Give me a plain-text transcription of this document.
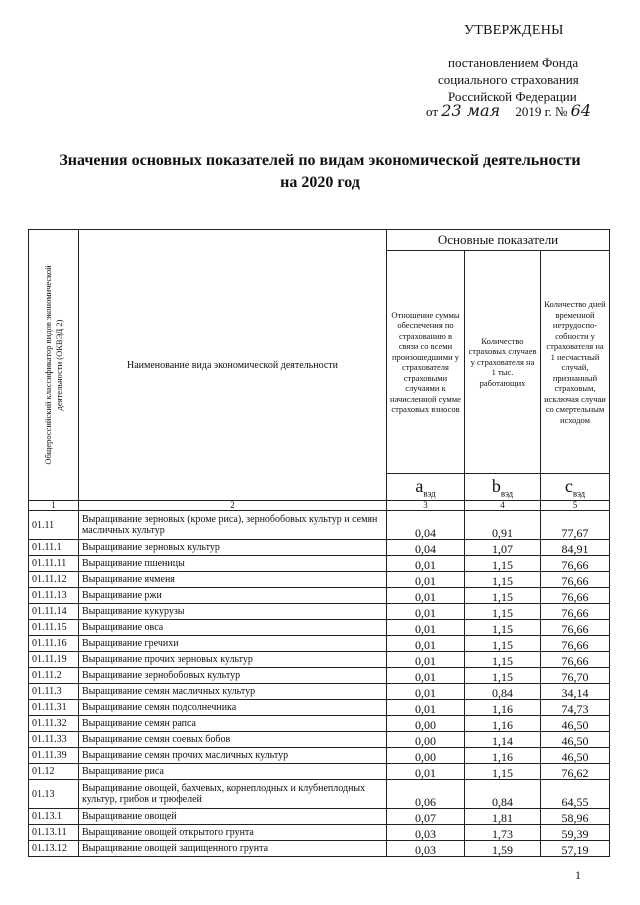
УТВЕРЖДЕНЫ
постановлением Фонда
социального страхования
Российской Федерации
от 23 мая 2019 г. № 64
Значения основных показателей по видам экономической деятельности
на 2020 год
Общероссийский классификатор видов экономической деятельности (ОКВЭД 2)	Наименование вида экономической деятельности	Основные показатели		
		Отношение суммы обеспечения по страхованию в связи со всеми произошедшими у страхователя страховыми случаями к начисленной сумме страховых взносов	Количество страховых случаев у страхователя на 1 тыс. работающих	Количество дней временной нетрудоспо-собности у страхователя на 1 несчастный случай, признанный страховым, исключая случаи со смертельным исходом
		$a_{вэд}$	$b_{вэд}$	$c_{вэд}$
1	2	3	4	5
01.11	Выращивание зерновых (кроме риса), зернобобовых культур и семян масличных культур	0,04	0,91	77,67
01.11.1	Выращивание зерновых культур	0,04	1,07	84,91
01.11.11	Выращивание пшеницы	0,01	1,15	76,66
01.11.12	Выращивание ячменя	0,01	1,15	76,66
01.11.13	Выращивание ржи	0,01	1,15	76,66
01.11.14	Выращивание кукурузы	0,01	1,15	76,66
01.11.15	Выращивание овса	0,01	1,15	76,66
01.11.16	Выращивание гречихи	0,01	1,15	76,66
01.11.19	Выращивание прочих зерновых культур	0,01	1,15	76,66
01.11.2	Выращивание зернобобовых культур	0,01	1,15	76,70
01.11.3	Выращивание семян масличных культур	0,01	0,84	34,14
01.11.31	Выращивание семян подсолнечника	0,01	1,16	74,73
01.11.32	Выращивание семян рапса	0,00	1,16	46,50
01.11.33	Выращивание семян соевых бобов	0,00	1,14	46,50
01.11.39	Выращивание семян прочих масличных культур	0,00	1,16	46,50
01.12	Выращивание риса	0,01	1,15	76,62
01.13	Выращивание овощей, бахчевых, корнеплодных и клубнеплодных культур, грибов и трюфелей	0,06	0,84	64,55
01.13.1	Выращивание овощей	0,07	1,81	58,96
01.13.11	Выращивание овощей открытого грунта	0,03	1,73	59,39
01.13.12	Выращивание овощей защищенного грунта	0,03	1,59	57,19
1
